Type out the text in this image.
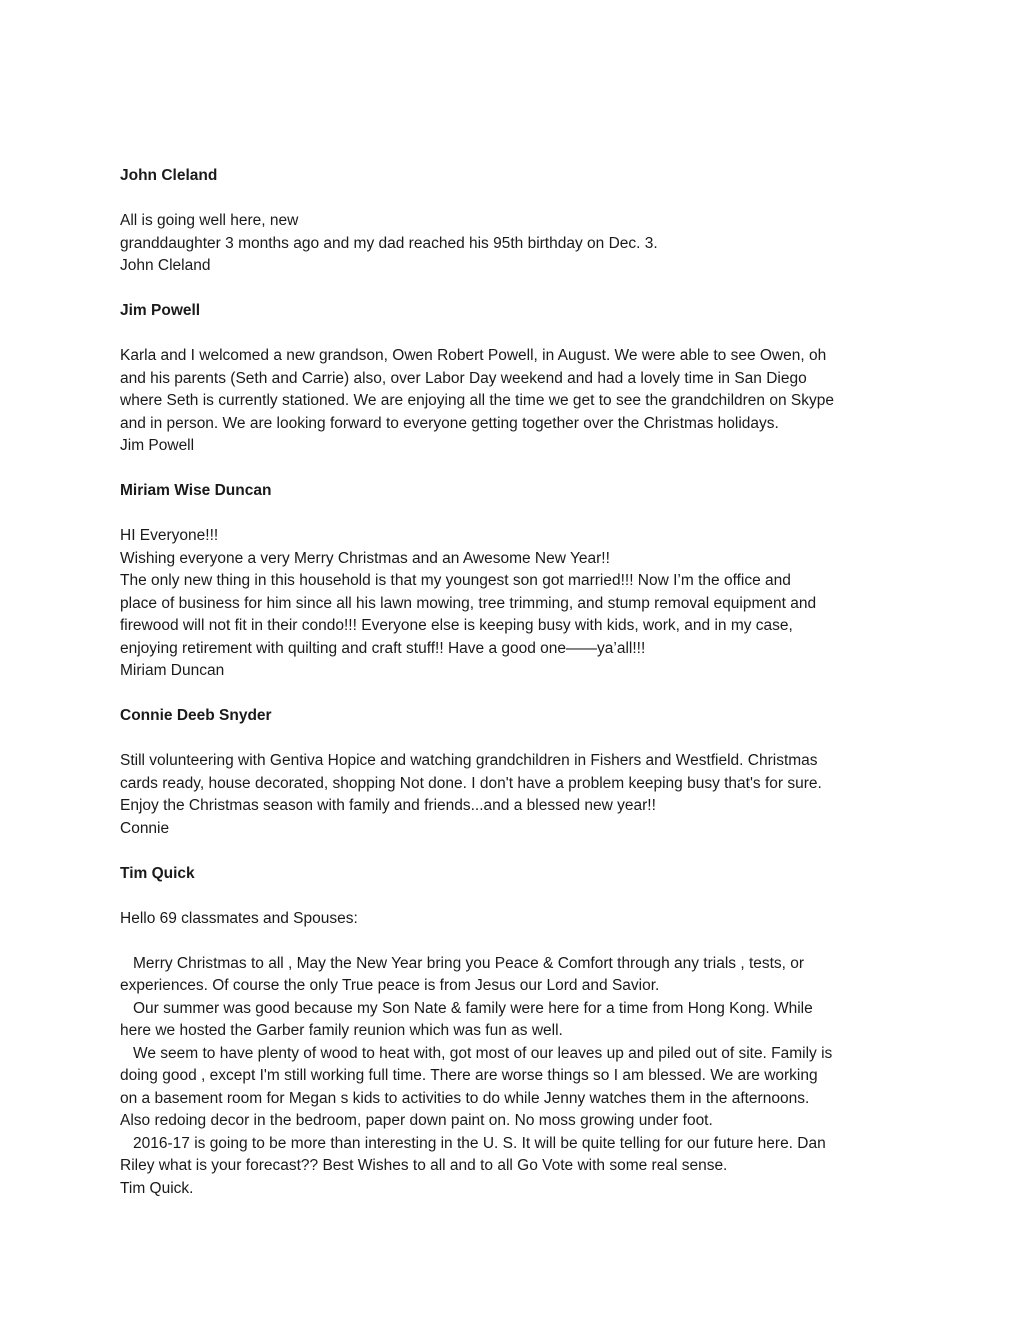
John Cleland

All is going well here, new

granddaughter 3 months ago and my dad reached his 95th birthday on Dec. 3.

John Cleland

Jim Powell

Karla and I welcomed a new grandson, Owen Robert Powell, in August. We were able to see Owen, oh

and his parents (Seth and Carrie) also, over Labor Day weekend and had a lovely time in San Diego

where Seth is currently stationed. We are enjoying all the time we get to see the grandchildren on Skype

and in person. We are looking forward to everyone getting together over the Christmas holidays.

Jim Powell

Miriam Wise Duncan

HI Everyone!!!

Wishing everyone a very Merry Christmas and an Awesome New Year!!

The only new thing in this household is that my youngest son got married!!! Now I’m the office and

place of business for him since all his lawn mowing, tree trimming, and stump removal equipment and

firewood will not fit in their condo!!! Everyone else is keeping busy with kids, work, and in my case,

enjoying retirement with quilting and craft stuff!! Have a good one——ya’all!!!

Miriam Duncan

Connie Deeb Snyder

Still volunteering with Gentiva Hopice and watching grandchildren in Fishers and Westfield. Christmas

cards ready, house decorated, shopping Not done. I don't have a problem keeping busy that's for sure.

Enjoy the Christmas season with family and friends...and a blessed new year!!

Connie

Tim Quick

Hello 69 classmates and Spouses:

Merry Christmas to all , May the New Year bring you Peace & Comfort through any trials , tests, or

experiences. Of course the only True peace is from Jesus our Lord and Savior.

Our summer was good because my Son Nate & family were here for a time from Hong Kong. While

here we hosted the Garber family reunion which was fun as well.

We seem to have plenty of wood to heat with, got most of our leaves up and piled out of site. Family is

doing good , except I'm still working full time. There are worse things so I am blessed. We are working

on a basement room for Megan s kids to activities to do while Jenny watches them in the afternoons.

Also redoing decor in the bedroom, paper down paint on. No moss growing under foot.

2016-17 is going to be more than interesting in the U. S. It will be quite telling for our future here. Dan

Riley what is your forecast?? Best Wishes to all and to all Go Vote with some real sense.

Tim Quick.
